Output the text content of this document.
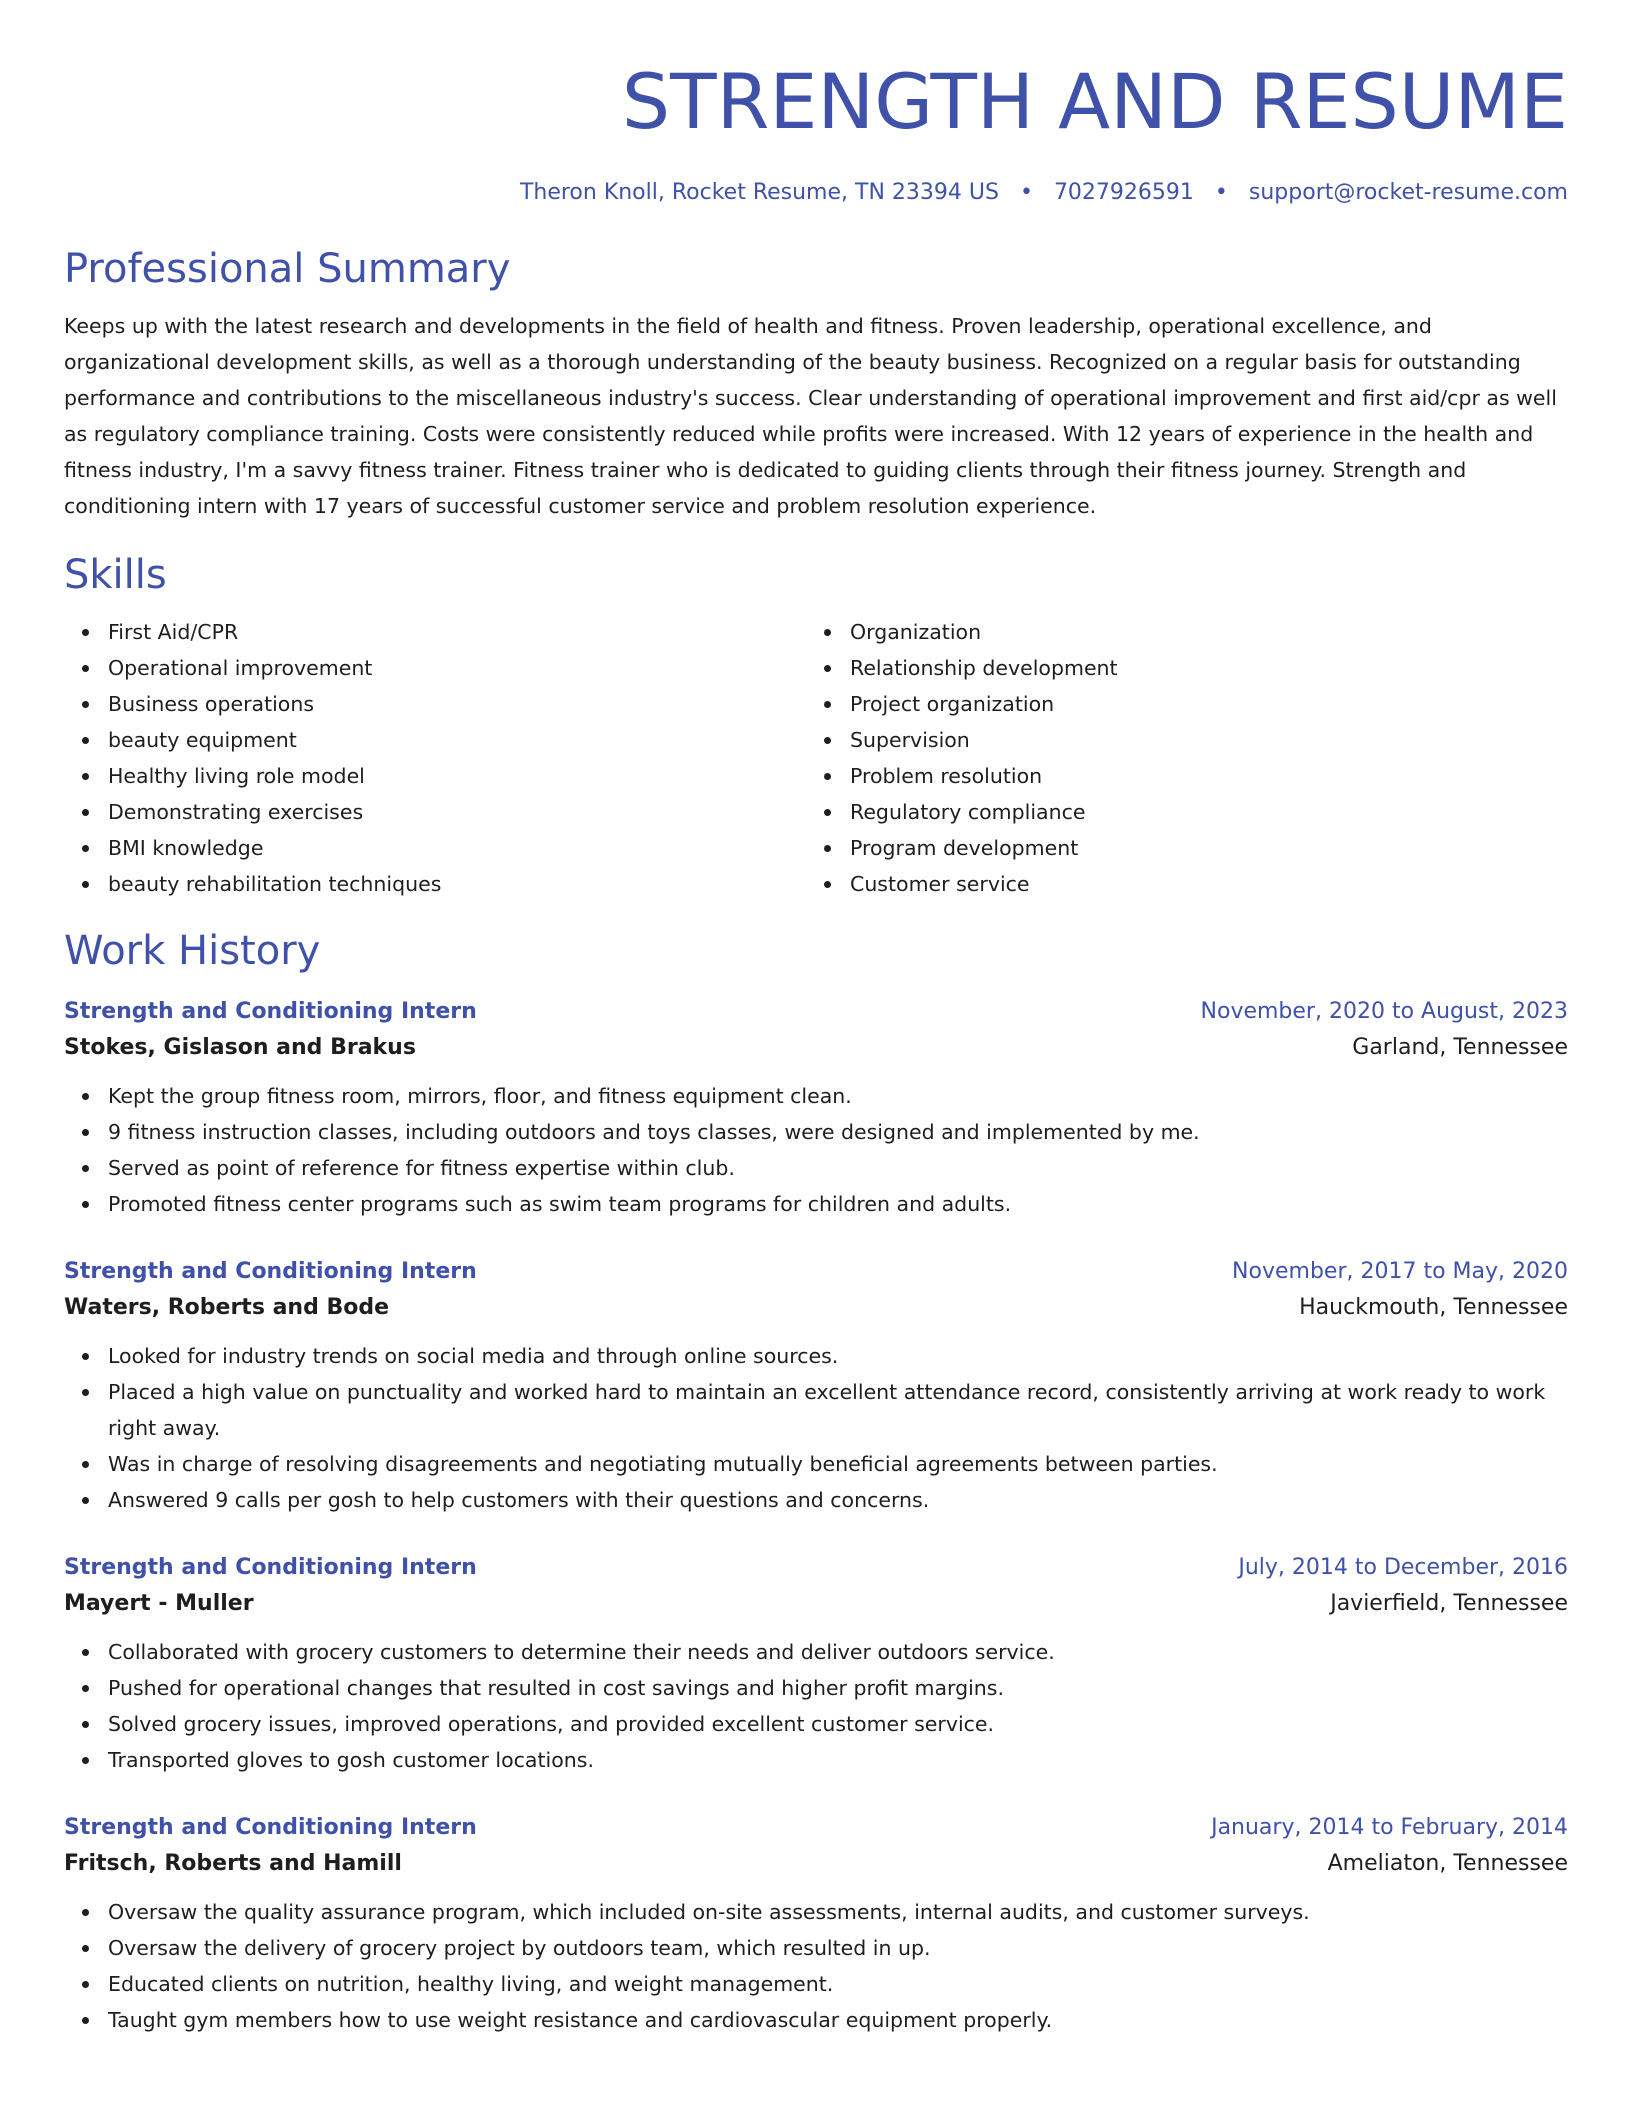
STRENGTH AND RESUME
Theron Knoll, Rocket Resume, TN 23394 US • 7027926591 • support@rocket-resume.com
Professional Summary

Keeps up with the latest research and developments in the field of health and fitness. Proven leadership, operational excellence, and organizational development skills, as well as a thorough understanding of the beauty business. Recognized on a regular basis for outstanding performance and contributions to the miscellaneous industry's success. Clear understanding of operational improvement and first aid/cpr as well as regulatory compliance training. Costs were consistently reduced while profits were increased. With 12 years of experience in the health and fitness industry, I'm a savvy fitness trainer. Fitness trainer who is dedicated to guiding clients through their fitness journey. Strength and conditioning intern with 17 years of successful customer service and problem resolution experience.

Skills
First Aid/CPR
Operational improvement
Business operations
beauty equipment
Healthy living role model
Demonstrating exercises
BMI knowledge
beauty rehabilitation techniques
Organization
Relationship development
Project organization
Supervision
Problem resolution
Regulatory compliance
Program development
Customer service
Work History
Strength and Conditioning Intern	November, 2020 to August, 2023
Stokes, Gislason and Brakus	Garland, Tennessee
Kept the group fitness room, mirrors, floor, and fitness equipment clean.
9 fitness instruction classes, including outdoors and toys classes, were designed and implemented by me.
Served as point of reference for fitness expertise within club.
Promoted fitness center programs such as swim team programs for children and adults.
Strength and Conditioning Intern	November, 2017 to May, 2020
Waters, Roberts and Bode	Hauckmouth, Tennessee
Looked for industry trends on social media and through online sources.
Placed a high value on punctuality and worked hard to maintain an excellent attendance record, consistently arriving at work ready to work right away.
Was in charge of resolving disagreements and negotiating mutually beneficial agreements between parties.
Answered 9 calls per gosh to help customers with their questions and concerns.
Strength and Conditioning Intern	July, 2014 to December, 2016
Mayert - Muller	Javierfield, Tennessee
Collaborated with grocery customers to determine their needs and deliver outdoors service.
Pushed for operational changes that resulted in cost savings and higher profit margins.
Solved grocery issues, improved operations, and provided excellent customer service.
Transported gloves to gosh customer locations.
Strength and Conditioning Intern	January, 2014 to February, 2014
Fritsch, Roberts and Hamill	Ameliaton, Tennessee
Oversaw the quality assurance program, which included on-site assessments, internal audits, and customer surveys.
Oversaw the delivery of grocery project by outdoors team, which resulted in up.
Educated clients on nutrition, healthy living, and weight management.
Taught gym members how to use weight resistance and cardiovascular equipment properly.
